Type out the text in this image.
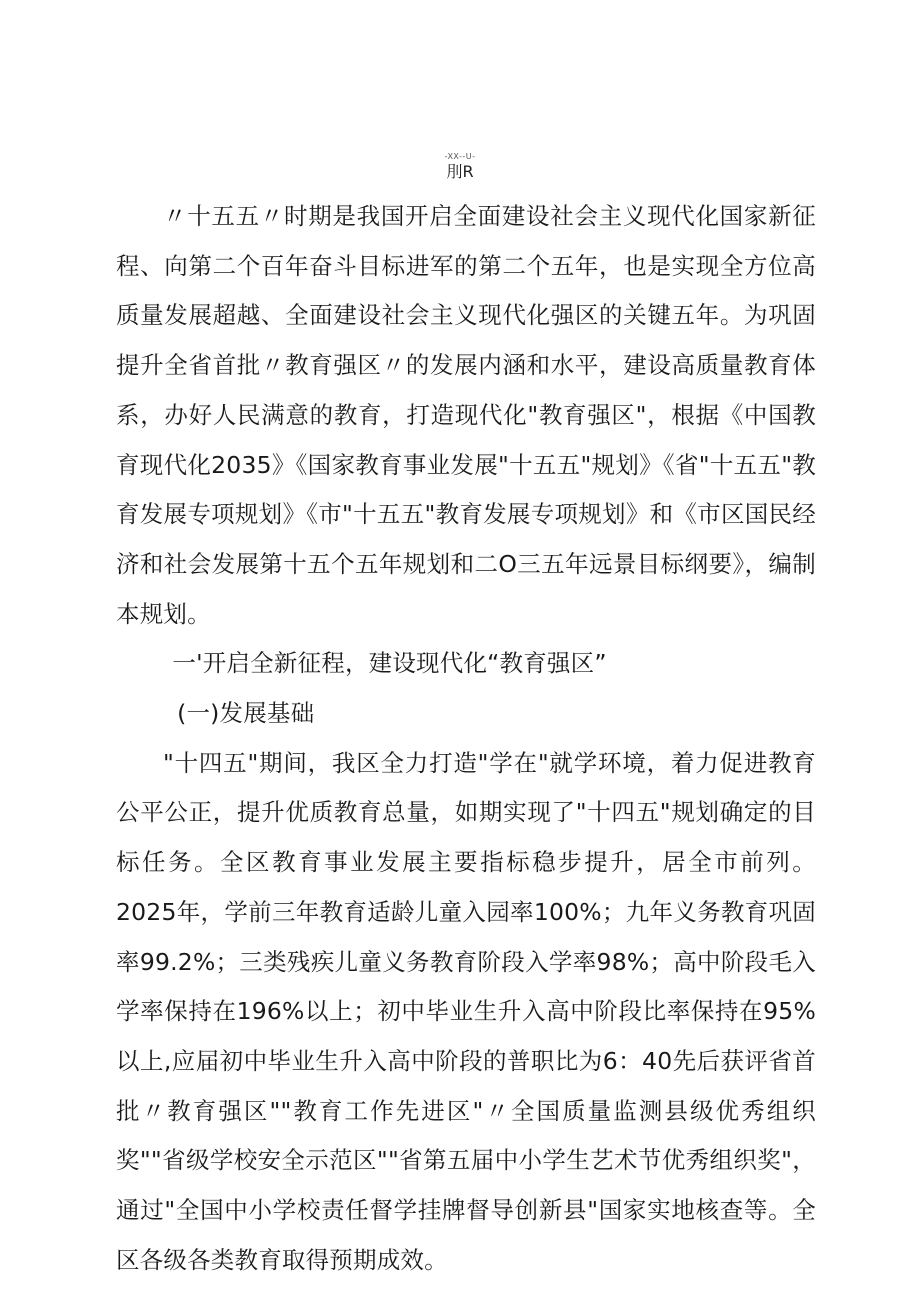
-XX--U-
刖R

〃十五五〃时期是我国开启全面建设社会主义现代化国家新征程、向第二个百年奋斗目标进军的第二个五年，也是实现全方位高质量发展超越、全面建设社会主义现代化强区的关键五年。为巩固提升全省首批〃教育强区〃的发展内涵和水平，建设高质量教育体系，办好人民满意的教育，打造现代化"教育强区"，根据《中国教育现代化2035》《国家教育事业发展"十五五"规划》《省"十五五"教育发展专项规划》《市"十五五"教育发展专项规划》和《市区国民经济和社会发展第十五个五年规划和二O三五年远景目标纲要》，编制本规划。

一'开启全新征程，建设现代化“教育强区”

(一)发展基础

"十四五"期间，我区全力打造"学在"就学环境，着力促进教育公平公正，提升优质教育总量，如期实现了"十四五"规划确定的目标任务。全区教育事业发展主要指标稳步提升，居全市前列。2025年，学前三年教育适龄儿童入园率100%；九年义务教育巩固率99.2%；三类残疾儿童义务教育阶段入学率98%；高中阶段毛入学率保持在196%以上；初中毕业生升入高中阶段比率保持在95%以上,应届初中毕业生升入高中阶段的普职比为6：40先后获评省首批〃教育强区""教育工作先进区"〃全国质量监测县级优秀组织奖""省级学校安全示范区""省第五届中小学生艺术节优秀组织奖"，通过"全国中小学校责任督学挂牌督导创新县"国家实地核查等。全区各级各类教育取得预期成效。
